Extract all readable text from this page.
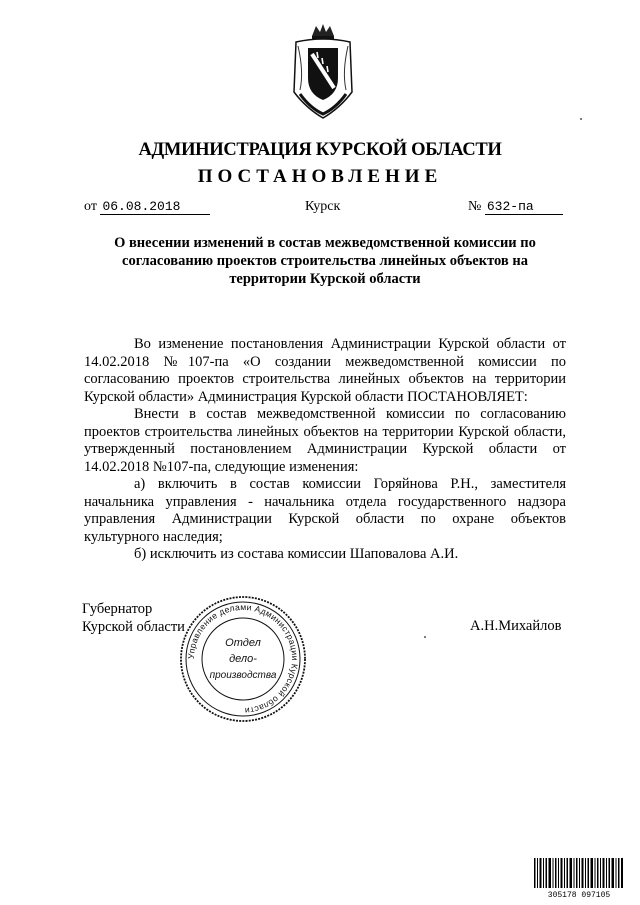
АДМИНИСТРАЦИЯ КУРСКОЙ ОБЛАСТИ
ПОСТАНОВЛЕНИЕ
от 06.08.2018	Курск	№ 632-па
О внесении изменений в состав межведомственной комиссии по
согласованию проектов строительства линейных объектов на
территории Курской области

Во изменение постановления Администрации Курской области от 14.02.2018 №107-па «О создании межведомственной комиссии по согласованию проектов строительства линейных объектов на территории Курской области» Администрация Курской области ПОСТАНОВЛЯЕТ:

Внести в состав межведомственной комиссии по согласованию проектов строительства линейных объектов на территории Курской области, утвержденный постановлением Администрации Курской области от 14.02.2018 №107-па, следующие изменения:

а) включить в состав комиссии Горяйнова Р.Н., заместителя начальника управления - начальника отдела государственного надзора управления Администрации Курской области по охране объектов культурного наследия;

б) исключить из состава комиссии Шаповалова А.И.

Губернатор
Курской области	А.Н.Михайлов
Управление делами Администрации Курской области
Отдел
дело-
производства
305178 097105
